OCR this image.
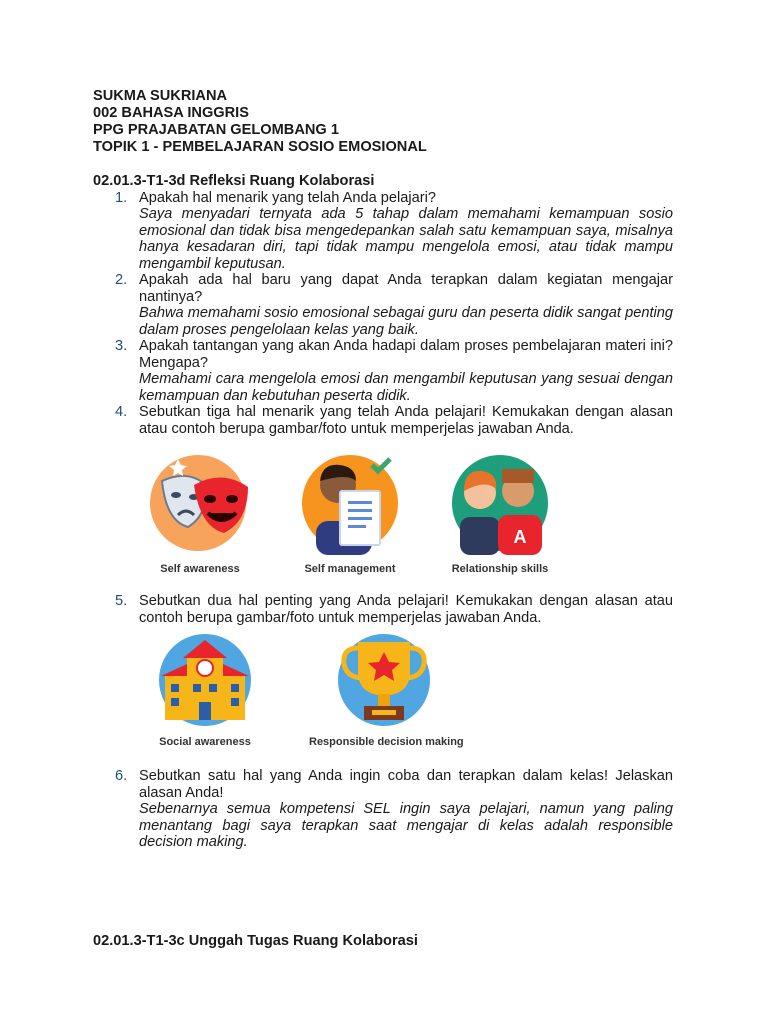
SUKMA SUKRIANA
002 BAHASA INGGRIS
PPG PRAJABATAN GELOMBANG 1
TOPIK 1 - PEMBELAJARAN SOSIO EMOSIONAL
02.01.3-T1-3d Refleksi Ruang Kolaborasi
1. Apakah hal menarik yang telah Anda pelajari?
Saya menyadari ternyata ada 5 tahap dalam memahami kemampuan sosio emosional dan tidak bisa mengedepankan salah satu kemampuan saya, misalnya hanya kesadaran diri, tapi tidak mampu mengelola emosi, atau tidak mampu mengambil keputusan.
2. Apakah ada hal baru yang dapat Anda terapkan dalam kegiatan mengajar nantinya?
Bahwa memahami sosio emosional sebagai guru dan peserta didik sangat penting dalam proses pengelolaan kelas yang baik.
3. Apakah tantangan yang akan Anda hadapi dalam proses pembelajaran materi ini? Mengapa?
Memahami cara mengelola emosi dan mengambil keputusan yang sesuai dengan kemampuan dan kebutuhan peserta didik.
4. Sebutkan tiga hal menarik yang telah Anda pelajari! Kemukakan dengan alasan atau contoh berupa gambar/foto untuk memperjelas jawaban Anda.
Self awareness	Self management
A
Relationship skills
5. Sebutkan dua hal penting yang Anda pelajari! Kemukakan dengan alasan atau contoh berupa gambar/foto untuk memperjelas jawaban Anda.
Social awareness	Responsible decision making
6. Sebutkan satu hal yang Anda ingin coba dan terapkan dalam kelas! Jelaskan alasan Anda!
Sebenarnya semua kompetensi SEL ingin saya pelajari, namun yang paling menantang bagi saya terapkan saat mengajar di kelas adalah responsible decision making.
02.01.3-T1-3c Unggah Tugas Ruang Kolaborasi
